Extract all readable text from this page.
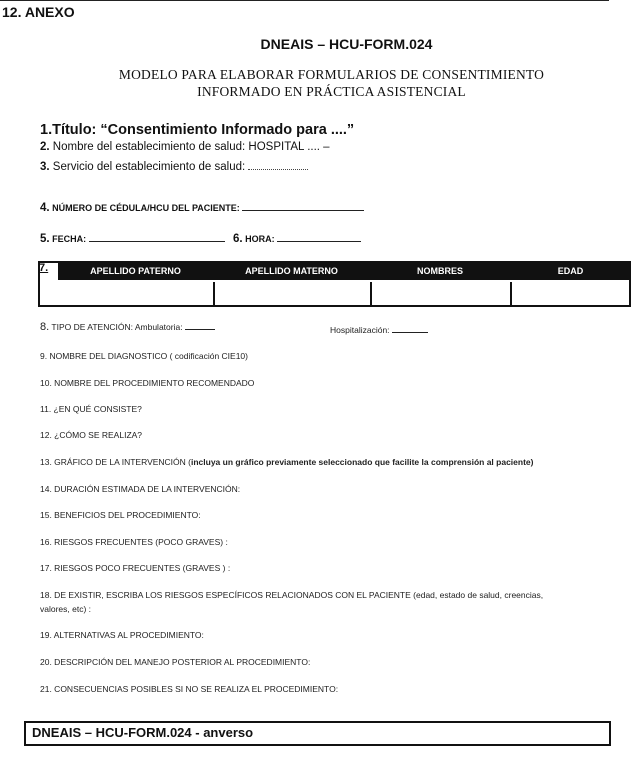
12. ANEXO
DNEAIS – HCU-FORM.024
MODELO PARA ELABORAR FORMULARIOS DE CONSENTIMIENTO
INFORMADO EN PRÁCTICA ASISTENCIAL
1.Título: “Consentimiento Informado para ....”
2. Nombre del establecimiento de salud: HOSPITAL .... –
3. Servicio del establecimiento de salud:
4. NÚMERO DE CÉDULA/HCU DEL PACIENTE:
5. FECHA:	6. HORA:
APELLIDO PATERNO	APELLIDO MATERNO	NOMBRES	EDAD
7.
8. TIPO DE ATENCIÓN: Ambulatoria:	Hospitalización:
9. NOMBRE DEL DIAGNOSTICO ( codificación CIE10)
10. NOMBRE DEL PROCEDIMIENTO RECOMENDADO
11. ¿EN QUÉ CONSISTE?
12. ¿CÓMO SE REALIZA?
13. GRÁFICO DE LA INTERVENCIÓN (incluya un gráfico previamente seleccionado que facilite la comprensión al paciente)
14. DURACIÓN ESTIMADA DE LA INTERVENCIÓN:
15. BENEFICIOS DEL PROCEDIMIENTO:
16. RIESGOS FRECUENTES (POCO GRAVES) :
17. RIESGOS POCO FRECUENTES (GRAVES ) :
18. DE EXISTIR, ESCRIBA LOS RIESGOS ESPECÍFICOS RELACIONADOS CON EL PACIENTE (edad, estado de salud, creencias,
valores, etc) :
19. ALTERNATIVAS AL PROCEDIMIENTO:
20. DESCRIPCIÓN DEL MANEJO POSTERIOR AL PROCEDIMIENTO:
21. CONSECUENCIAS POSIBLES SI NO SE REALIZA EL PROCEDIMIENTO:
DNEAIS – HCU-FORM.024 - anverso
